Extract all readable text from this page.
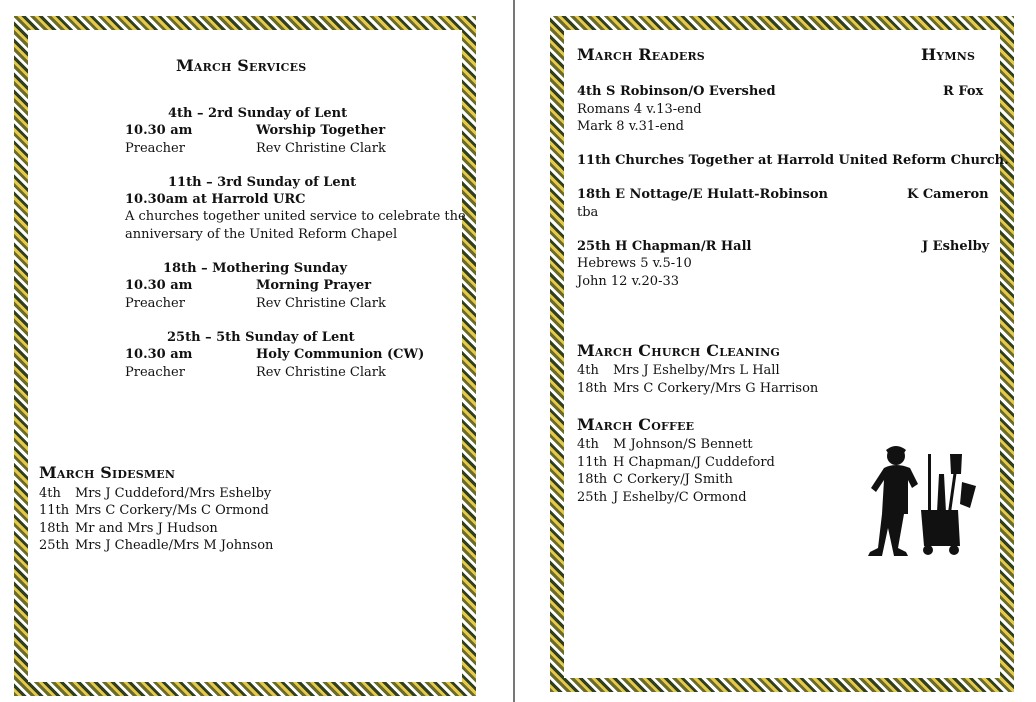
March Services
4th – 2rd Sunday of Lent
10.30 am	Worship Together
Preacher	Rev Christine Clark
11th – 3rd Sunday of Lent
10.30am at Harrold URC
A churches together united service to celebrate the
anniversary of the United Reform Chapel
18th – Mothering Sunday
10.30 am	Morning Prayer
Preacher	Rev Christine Clark
25th – 5th Sunday of Lent
10.30 am	Holy Communion (CW)
Preacher	Rev Christine Clark
March Sidesmen
4th Mrs J Cuddeford/Mrs Eshelby
11th Mrs C Corkery/Ms C Ormond
18th Mr and Mrs J Hudson
25th Mrs J Cheadle/Mrs M Johnson
March Readers	Hymns
4th S Robinson/O Evershed	R Fox
Romans 4 v.13-end
Mark 8 v.31-end
11th Churches Together at Harrold United Reform Church.
18th E Nottage/E Hulatt-Robinson	K Cameron
tba
25th H Chapman/R Hall	J Eshelby
Hebrews 5 v.5-10
John 12 v.20-33
March Church Cleaning
4th Mrs J Eshelby/Mrs L Hall
18th Mrs C Corkery/Mrs G Harrison
March Coffee
4th M Johnson/S Bennett
11th H Chapman/J Cuddeford
18th C Corkery/J Smith
25th J Eshelby/C Ormond
